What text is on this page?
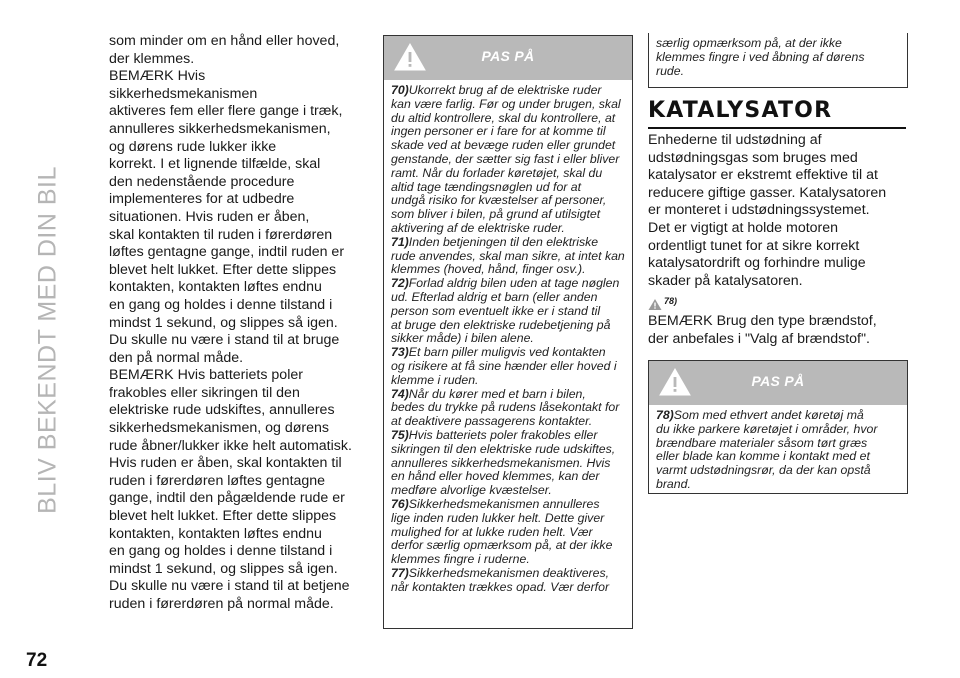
BLIV BEKENDT MED DIN BIL

som minder om en hånd eller hoved,

der klemmes.

BEMÆRK Hvis sikkerhedsmekanismen

aktiveres fem eller flere gange i træk,

annulleres sikkerhedsmekanismen,

og dørens rude lukker ikke

korrekt. I et lignende tilfælde, skal

den nedenstående procedure

implementeres for at udbedre

situationen. Hvis ruden er åben,

skal kontakten til ruden i førerdøren

løftes gentagne gange, indtil ruden er

blevet helt lukket. Efter dette slippes

kontakten, kontakten løftes endnu

en gang og holdes i denne tilstand i

mindst 1 sekund, og slippes så igen.

Du skulle nu være i stand til at bruge

den på normal måde.

BEMÆRK Hvis batteriets poler

frakobles eller sikringen til den

elektriske rude udskiftes, annulleres

sikkerhedsmekanismen, og dørens

rude åbner/lukker ikke helt automatisk.

Hvis ruden er åben, skal kontakten til

ruden i førerdøren løftes gentagne

gange, indtil den pågældende rude er

blevet helt lukket. Efter dette slippes

kontakten, kontakten løftes endnu

en gang og holdes i denne tilstand i

mindst 1 sekund, og slippes så igen.

Du skulle nu være i stand til at betjene

ruden i førerdøren på normal måde.

PAS PÅ

70)Ukorrekt brug af de elektriske ruder

kan være farlig. Før og under brugen, skal

du altid kontrollere, skal du kontrollere, at

ingen personer er i fare for at komme til

skade ved at bevæge ruden eller grundet

genstande, der sætter sig fast i eller bliver

ramt. Når du forlader køretøjet, skal du

altid tage tændingsnøglen ud for at

undgå risiko for kvæstelser af personer,

som bliver i bilen, på grund af utilsigtet

aktivering af de elektriske ruder.

71)Inden betjeningen til den elektriske

rude anvendes, skal man sikre, at intet kan

klemmes (hoved, hånd, finger osv.).

72)Forlad aldrig bilen uden at tage nøglen

ud. Efterlad aldrig et barn (eller anden

person som eventuelt ikke er i stand til

at bruge den elektriske rudebetjening på

sikker måde) i bilen alene.

73)Et barn piller muligvis ved kontakten

og risikere at få sine hænder eller hoved i

klemme i ruden.

74)Når du kører med et barn i bilen,

bedes du trykke på rudens låsekontakt for

at deaktivere passagerens kontakter.

75)Hvis batteriets poler frakobles eller

sikringen til den elektriske rude udskiftes,

annulleres sikkerhedsmekanismen. Hvis

en hånd eller hoved klemmes, kan der

medføre alvorlige kvæstelser.

76)Sikkerhedsmekanismen annulleres

lige inden ruden lukker helt. Dette giver

mulighed for at lukke ruden helt. Vær

derfor særlig opmærksom på, at der ikke

klemmes fingre i ruderne.

77)Sikkerhedsmekanismen deaktiveres,

når kontakten trækkes opad. Vær derfor

særlig opmærksom på, at der ikke
klemmes fingre i ved åbning af dørens
rude.

KATALYSATOR

Enhederne til udstødning af

udstødningsgas som bruges med

katalysator er ekstremt effektive til at

reducere giftige gasser. Katalysatoren

er monteret i udstødningssystemet.

Det er vigtigt at holde motoren

ordentligt tunet for at sikre korrekt

katalysatordrift og forhindre mulige

skader på katalysatoren.

78)

BEMÆRK Brug den type brændstof,

der anbefales i "Valg af brændstof".

PAS PÅ

78)Som med ethvert andet køretøj må

du ikke parkere køretøjet i områder, hvor

brændbare materialer såsom tørt græs

eller blade kan komme i kontakt med et

varmt udstødningsrør, da der kan opstå

brand.

72
